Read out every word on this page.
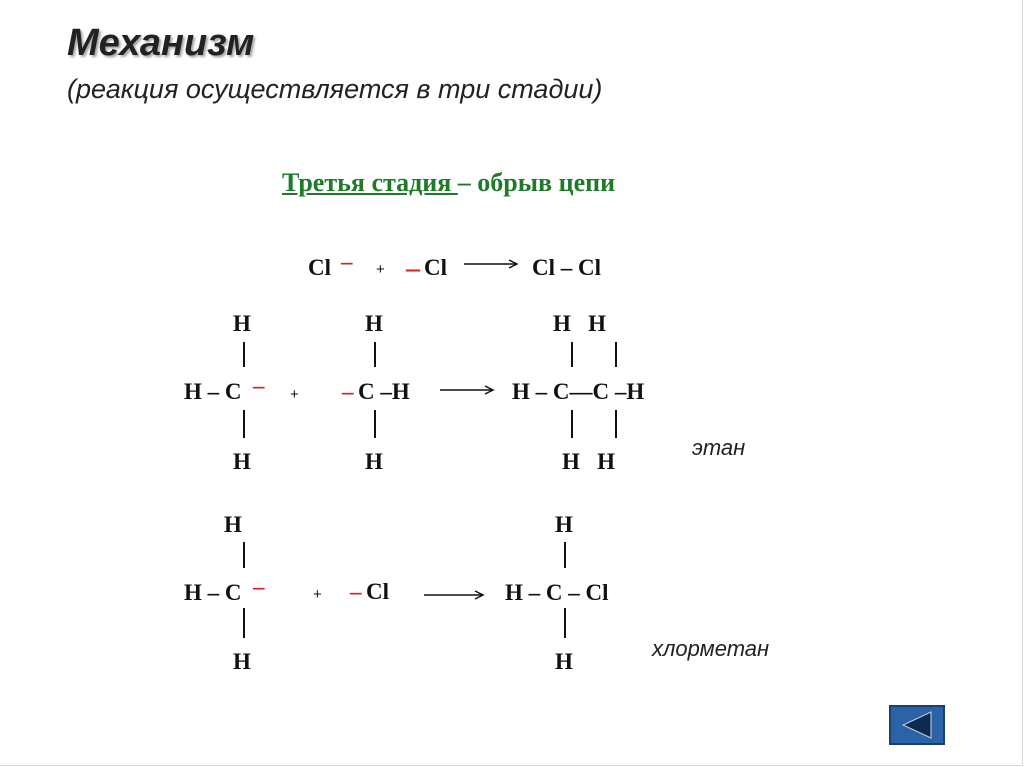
Механизм
(реакция осуществляется в три стадии)
Третья стадия – обрыв цепи
Cl – + – Cl	Cl – Cl
H
H – C –
H
+
H
– C –H
H
H   H
H – C—C –H
H   H
этан
H
H – C –
H
+ – Cl
H
H – C – Cl
H
хлорметан
